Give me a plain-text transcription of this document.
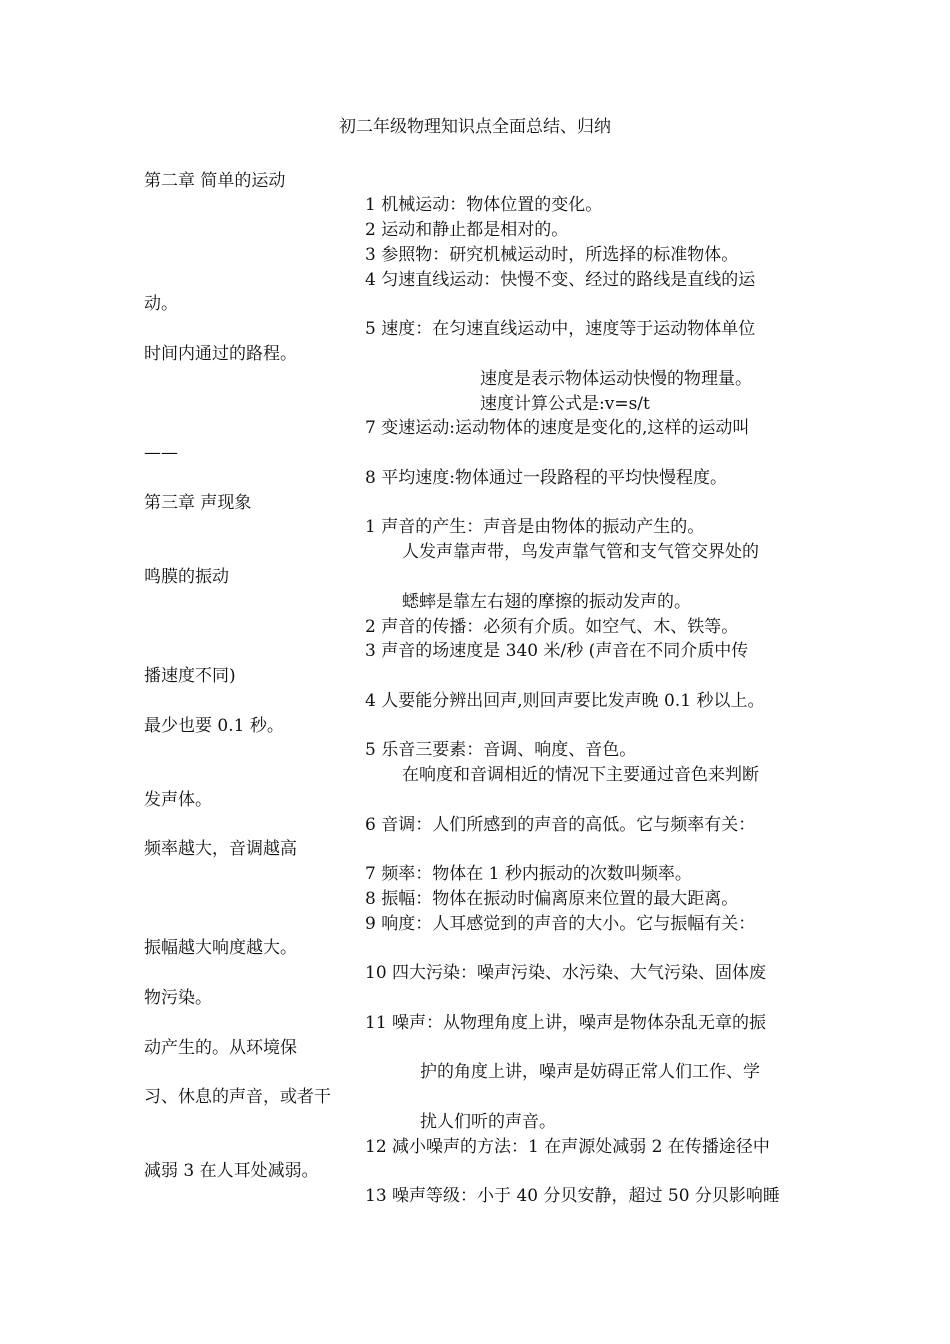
初二年级物理知识点全面总结、归纳
第二章 简单的运动
1 机械运动：物体位置的变化。
2 运动和静止都是相对的。
3 参照物：研究机械运动时，所选择的标准物体。
4 匀速直线运动：快慢不变、经过的路线是直线的运
动。
5 速度：在匀速直线运动中，速度等于运动物体单位
时间内通过的路程。
速度是表示物体运动快慢的物理量。
速度计算公式是:v=s/t
7 变速运动:运动物体的速度是变化的,这样的运动叫
——
8 平均速度:物体通过一段路程的平均快慢程度。
第三章 声现象
1 声音的产生：声音是由物体的振动产生的。
人发声靠声带，鸟发声靠气管和支气管交界处的
鸣膜的振动
蟋蟀是靠左右翅的摩擦的振动发声的。
2 声音的传播：必须有介质。如空气、木、铁等。
3 声音的场速度是 340 米/秒 (声音在不同介质中传
播速度不同)
4 人要能分辨出回声,则回声要比发声晚 0.1 秒以上。
最少也要 0.1 秒。
5 乐音三要素：音调、响度、音色。
在响度和音调相近的情况下主要通过音色来判断
发声体。
6 音调：人们所感到的声音的高低。它与频率有关：
频率越大，音调越高
7 频率：物体在 1 秒内振动的次数叫频率。
8 振幅：物体在振动时偏离原来位置的最大距离。
9 响度：人耳感觉到的声音的大小。它与振幅有关：
振幅越大响度越大。
10 四大污染：噪声污染、水污染、大气污染、固体废
物污染。
11 噪声：从物理角度上讲，噪声是物体杂乱无章的振
动产生的。从环境保
护的角度上讲，噪声是妨碍正常人们工作、学
习、休息的声音，或者干
扰人们听的声音。
12 减小噪声的方法：1 在声源处减弱 2 在传播途径中
减弱 3 在人耳处减弱。
13 噪声等级：小于 40 分贝安静，超过 50 分贝影响睡
